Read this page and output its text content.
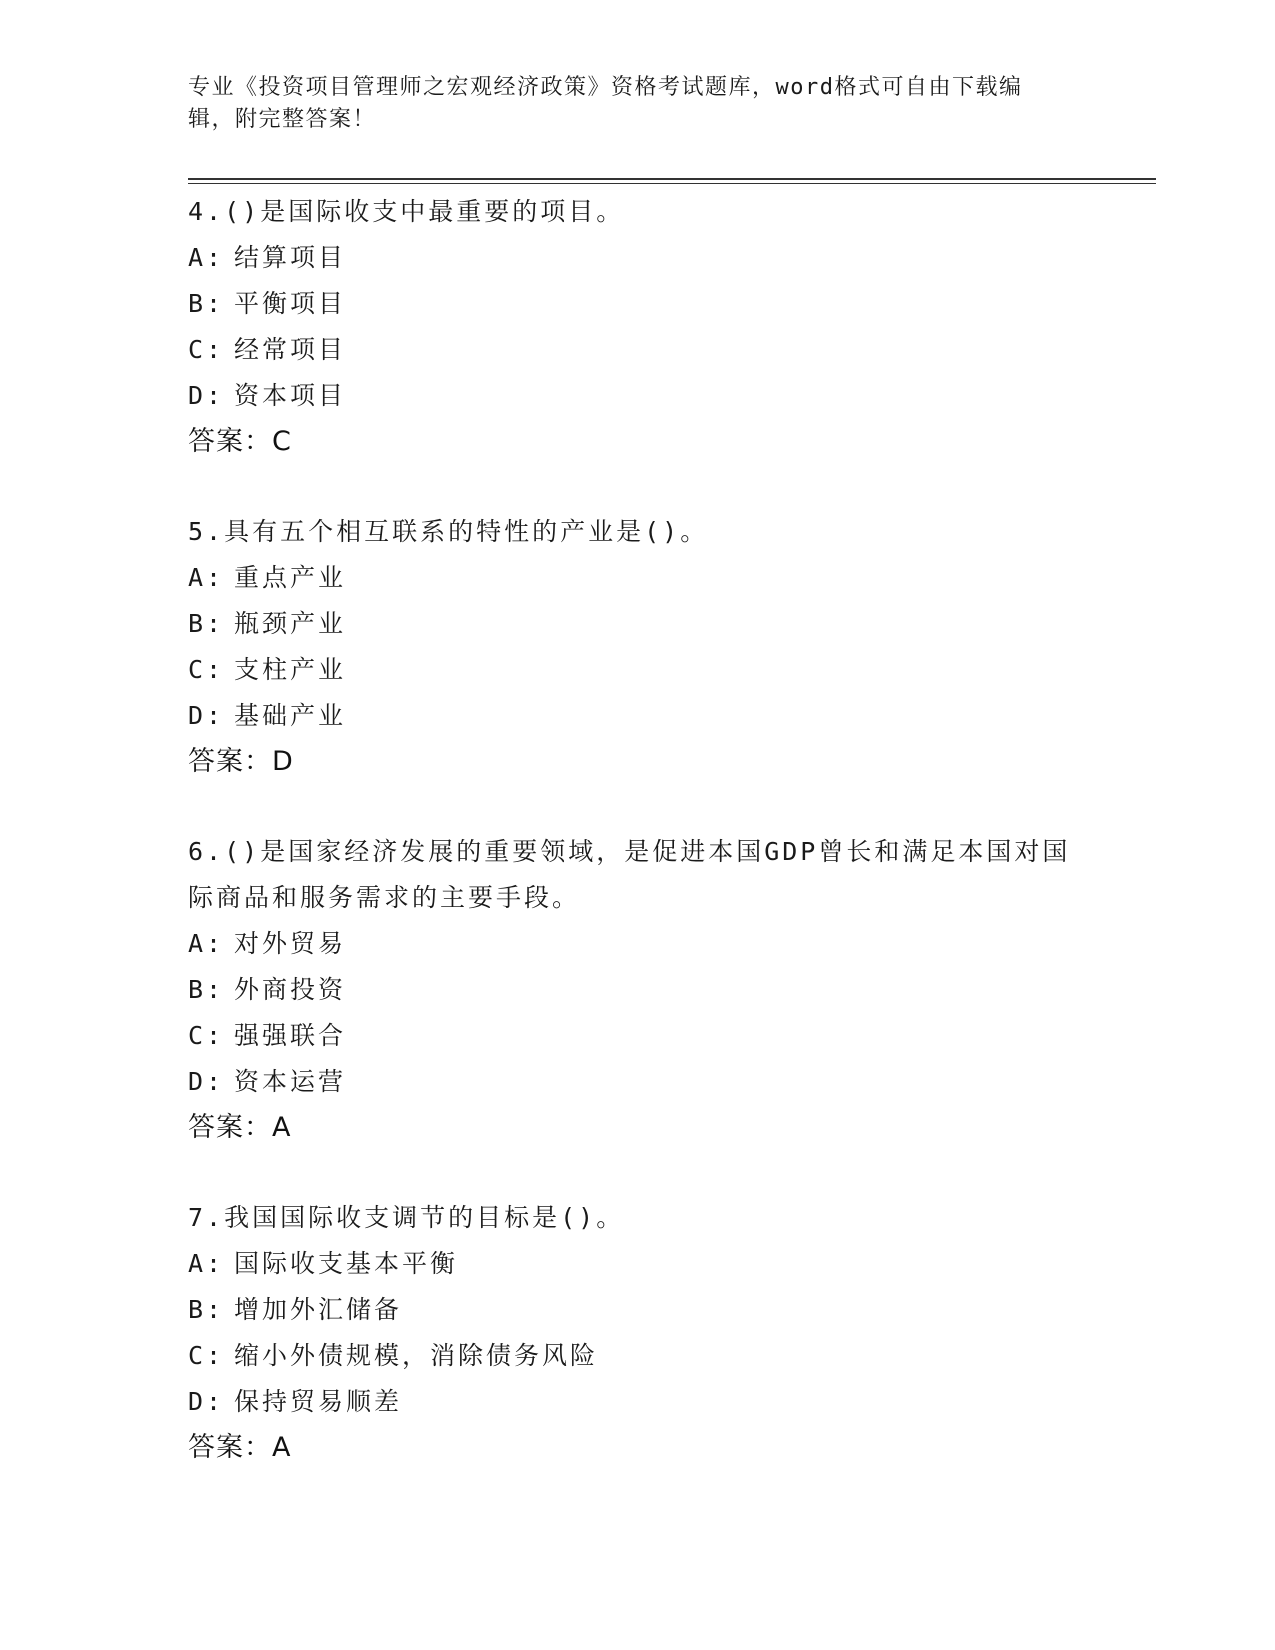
专业《投资项目管理师之宏观经济政策》资格考试题库，word格式可自由下载编辑，附完整答案！
4.()是国际收支中最重要的项目。
A: 结算项目
B: 平衡项目
C: 经常项目
D: 资本项目
答案：C
5.具有五个相互联系的特性的产业是()。
A: 重点产业
B: 瓶颈产业
C: 支柱产业
D: 基础产业
答案：D
6.()是国家经济发展的重要领域，是促进本国GDP曾长和满足本国对国际商品和服务需求的主要手段。
A: 对外贸易
B: 外商投资
C: 强强联合
D: 资本运营
答案：A
7.我国国际收支调节的目标是()。
A: 国际收支基本平衡
B: 增加外汇储备
C: 缩小外债规模，消除债务风险
D: 保持贸易顺差
答案：A
